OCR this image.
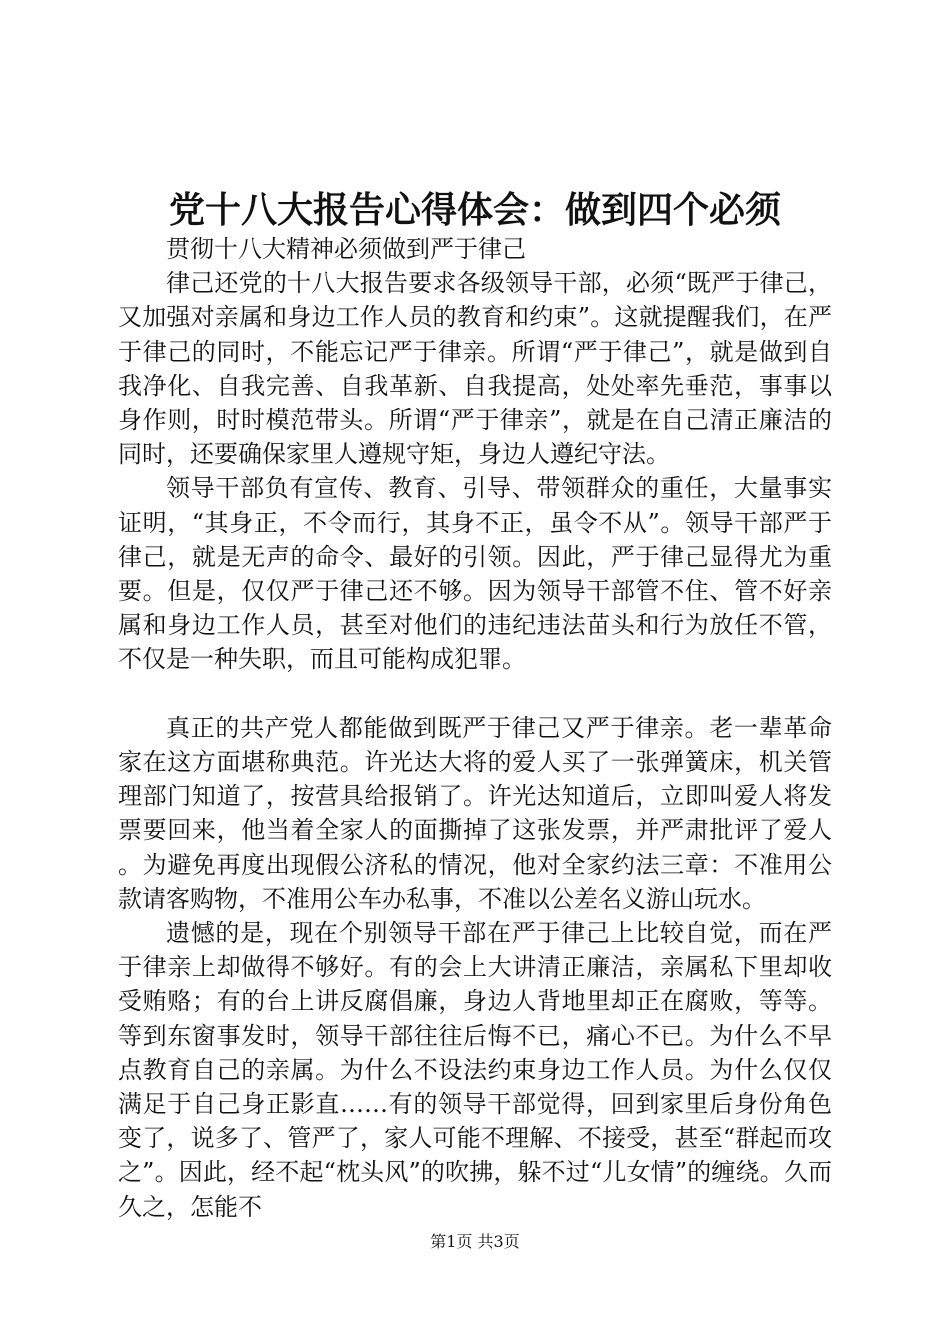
党十八大报告心得体会：做到四个必须

贯彻十八大精神必须做到严于律己

律己还党的十八大报告要求各级领导干部，必须“既严于律己，又加强对亲属和身边工作人员的教育和约束”。这就提醒我们，在严于律己的同时，不能忘记严于律亲。所谓“严于律己”，就是做到自我净化、自我完善、自我革新、自我提高，处处率先垂范，事事以身作则，时时模范带头。所谓“严于律亲”，就是在自己清正廉洁的同时，还要确保家里人遵规守矩，身边人遵纪守法。

领导干部负有宣传、教育、引导、带领群众的重任，大量事实证明，“其身正，不令而行，其身不正，虽令不从”。领导干部严于律己，就是无声的命令、最好的引领。因此，严于律己显得尤为重要。但是，仅仅严于律己还不够。因为领导干部管不住、管不好亲属和身边工作人员，甚至对他们的违纪违法苗头和行为放任不管，不仅是一种失职，而且可能构成犯罪。

真正的共产党人都能做到既严于律己又严于律亲。老一辈革命家在这方面堪称典范。许光达大将的爱人买了一张弹簧床，机关管理部门知道了，按营具给报销了。许光达知道后，立即叫爱人将发票要回来，他当着全家人的面撕掉了这张发票，并严肃批评了爱人。为避免再度出现假公济私的情况，他对全家约法三章：不准用公款请客购物，不准用公车办私事，不准以公差名义游山玩水。

遗憾的是，现在个别领导干部在严于律己上比较自觉，而在严于律亲上却做得不够好。有的会上大讲清正廉洁，亲属私下里却收受贿赂；有的台上讲反腐倡廉，身边人背地里却正在腐败，等等。等到东窗事发时，领导干部往往后悔不已，痛心不已。为什么不早点教育自己的亲属。为什么不设法约束身边工作人员。为什么仅仅满足于自己身正影直……有的领导干部觉得，回到家里后身份角色变了，说多了、管严了，家人可能不理解、不接受，甚至“群起而攻之”。因此，经不起“枕头风”的吹拂，躲不过“儿女情”的缠绕。久而久之，怎能不

第1页 共3页
